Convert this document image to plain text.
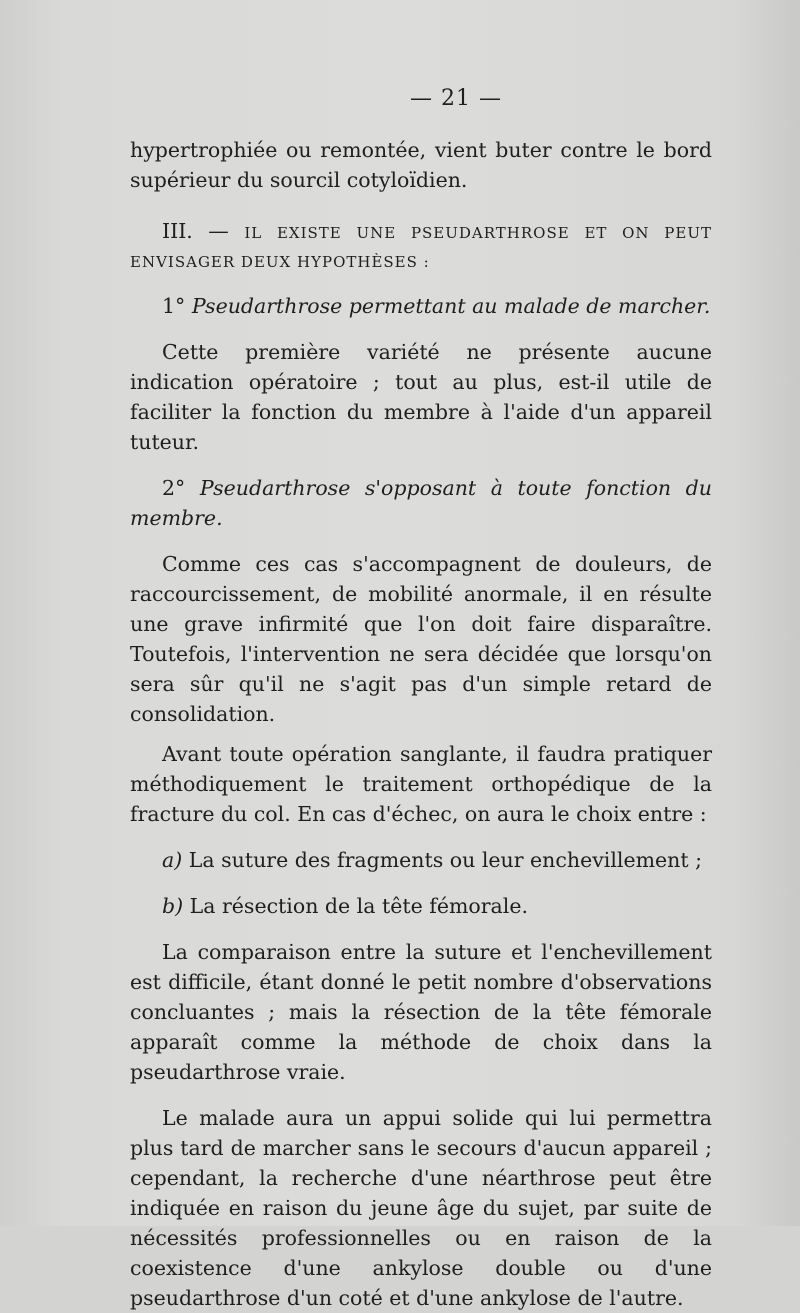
— 21 —

hypertrophiée ou remontée, vient buter contre le bord supérieur du sourcil cotyloïdien.

III. — IL EXISTE UNE PSEUDARTHROSE ET ON PEUT ENVISAGER DEUX HYPOTHÈSES :

1° Pseudarthrose permettant au malade de marcher.

Cette première variété ne présente aucune indication opératoire ; tout au plus, est-il utile de faciliter la fonction du membre à l'aide d'un appareil tuteur.

2° Pseudarthrose s'opposant à toute fonction du membre.

Comme ces cas s'accompagnent de douleurs, de raccourcissement, de mobilité anormale, il en résulte une grave infirmité que l'on doit faire disparaître. Toutefois, l'intervention ne sera décidée que lorsqu'on sera sûr qu'il ne s'agit pas d'un simple retard de consolidation.

Avant toute opération sanglante, il faudra pratiquer méthodiquement le traitement orthopédique de la fracture du col. En cas d'échec, on aura le choix entre :

a) La suture des fragments ou leur enchevillement ;

b) La résection de la tête fémorale.

La comparaison entre la suture et l'enchevillement est difficile, étant donné le petit nombre d'observations concluantes ; mais la résection de la tête fémorale apparaît comme la méthode de choix dans la pseudarthrose vraie.

Le malade aura un appui solide qui lui permettra plus tard de marcher sans le secours d'aucun appareil ; cependant, la recherche d'une néarthrose peut être indiquée en raison du jeune âge du sujet, par suite de nécessités professionnelles ou en raison de la coexistence d'une ankylose double ou d'une pseudarthrose d'un coté et d'une ankylose de l'autre.
